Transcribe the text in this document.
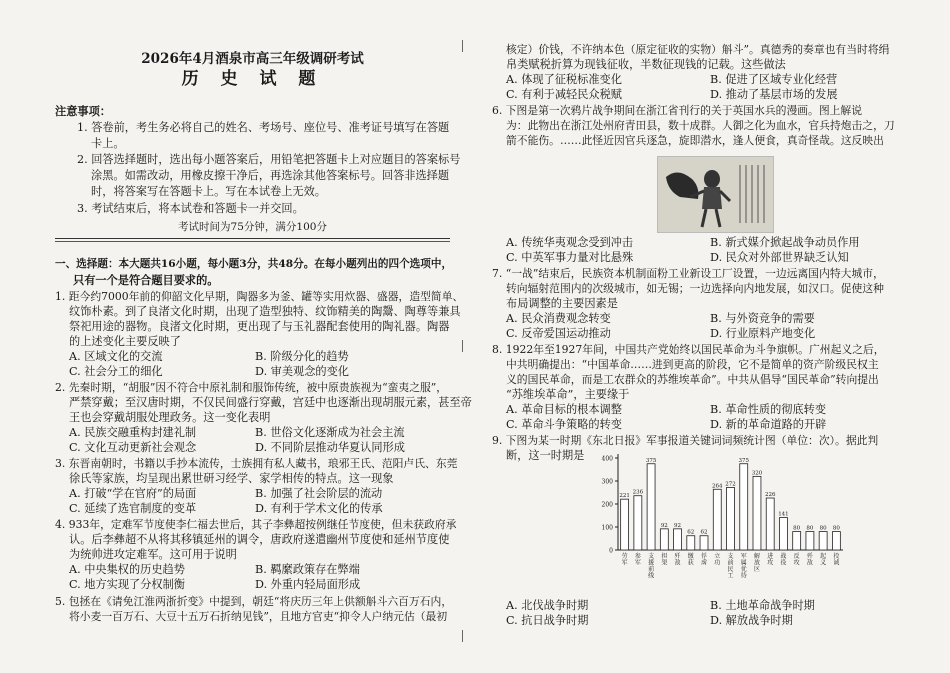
2026年4月酒泉市高三年级调研考试
历 史 试 题
注意事项：
1. 答卷前，考生务必将自己的姓名、考场号、座位号、准考证号填写在答题
卡上。
2. 回答选择题时，选出每小题答案后，用铅笔把答题卡上对应题目的答案标号
涂黑。如需改动，用橡皮擦干净后，再选涂其他答案标号。回答非选择题
时，将答案写在答题卡上。写在本试卷上无效。
3. 考试结束后，将本试卷和答题卡一并交回。
考试时间为75分钟，满分100分
一、选择题：本大题共16小题，每小题3分，共48分。在每小题列出的四个选项中，
只有一个是符合题目要求的。
1. 距今约7000年前的仰韶文化早期，陶器多为釜、罐等实用炊器、盛器，造型简单、
纹饰朴素。到了良渚文化时期，出现了造型独特、纹饰精美的陶鬶、陶尊等兼具
祭祀用途的器物。良渚文化时期，更出现了与玉礼器配套使用的陶礼器。陶器
的上述变化主要反映了
A. 区域文化的交流	B. 阶级分化的趋势
C. 社会分工的细化	D. 审美观念的变化
2. 先秦时期，“胡服”因不符合中原礼制和服饰传统，被中原贵族视为“蛮夷之服”，
严禁穿戴；至汉唐时期，不仅民间盛行穿戴，宫廷中也逐渐出现胡服元素，甚至帝
王也会穿戴胡服处理政务。这一变化表明
A. 民族交融重构封建礼制	B. 世俗文化逐渐成为社会主流
C. 文化互动更新社会观念	D. 不同阶层推动华夏认同形成
3. 东晋南朝时，书籍以手抄本流传，士族拥有私人藏书，琅邪王氏、范阳卢氏、东莞
徐氏等家族，均呈现出累世研习经学、家学相传的特点。这一现象
A. 打破“学在官府”的局面	B. 加强了社会阶层的流动
C. 延续了选官制度的变革	D. 有利于学术文化的传承
4. 933年，定难军节度使李仁福去世后，其子李彝超按例继任节度使，但未获政府承
认。后李彝超不从将其移镇延州的调令，唐政府遂遣幽州节度使和延州节度使
为统帅进攻定难军。这可用于说明
A. 中央集权的历史趋势	B. 羁縻政策存在弊端
C. 地方实现了分权制衡	D. 外重内轻局面形成
5. 包拯在《请免江淮两浙折变》中提到，朝廷“将庆历三年上供额斛斗六百万石内，
将小麦一百万石、大豆十五万石折纳见钱”，且地方官吏“抑令人户纳元估（最初
核定）价钱，不许纳本色（原定征收的实物）斛斗”。真德秀的奏章也有当时将绢
帛类赋税折算为现钱征收，半数征现钱的记载。这些做法
A. 体现了征税标准变化	B. 促进了区域专业化经营
C. 有利于减轻民众税赋	D. 推动了基层市场的发展
6. 下图是第一次鸦片战争期间在浙江省刊行的关于英国水兵的漫画。图上解说
为：此物出在浙江处州府青田县，数十成群。人御之化为血水，官兵持炮击之，刀
箭不能伤。……此怪近因官兵逐急，旋即潜水，逢人便食，真奇怪哉。这反映出
A. 传统华夷观念受到冲击	B. 新式媒介掀起战争动员作用
C. 中英军事力量对比悬殊	D. 民众对外部世界缺乏认知
7. “一战”结束后，民族资本机制面粉工业新设工厂设置，一边远离国内特大城市，
转向辐射范围内的次级城市，如无锡；一边选择向内地发展，如汉口。促使这种
布局调整的主要因素是
A. 民众消费观念转变	B. 与外资竞争的需要
C. 反帝爱国运动推动	D. 行业原料产地变化
8. 1922年至1927年间，中国共产党始终以国民革命为斗争旗帜。广州起义之后，
中共明确提出：“中国革命……进到更高的阶段，它不是简单的资产阶级民权主
义的国民革命，而是工农群众的苏维埃革命”。中共从倡导“国民革命”转向提出
“苏维埃革命”，主要缘于
A. 革命目标的根本调整	B. 革命性质的彻底转变
C. 革命斗争策略的转变	D. 新的革命道路的开辟
9. 下图为某一时期《东北日报》军事报道关键词词频统计图（单位：次）。据此判
断，这一时期是
0
100
200
300
400
221
劳
军
236
参
军
375
支
援
前
线
92
担
架
92
歼
敌
62
缴
获
62
俘
虏
264
立
功
272
支
前
民
工
375
军
属
优
待
320
解
放
区
226
进
攻
141
战
役
80
反
攻
80
歼
敌
80
起
义
80
投
诚
A. 北伐战争时期	B. 土地革命战争时期
C. 抗日战争时期	D. 解放战争时期
